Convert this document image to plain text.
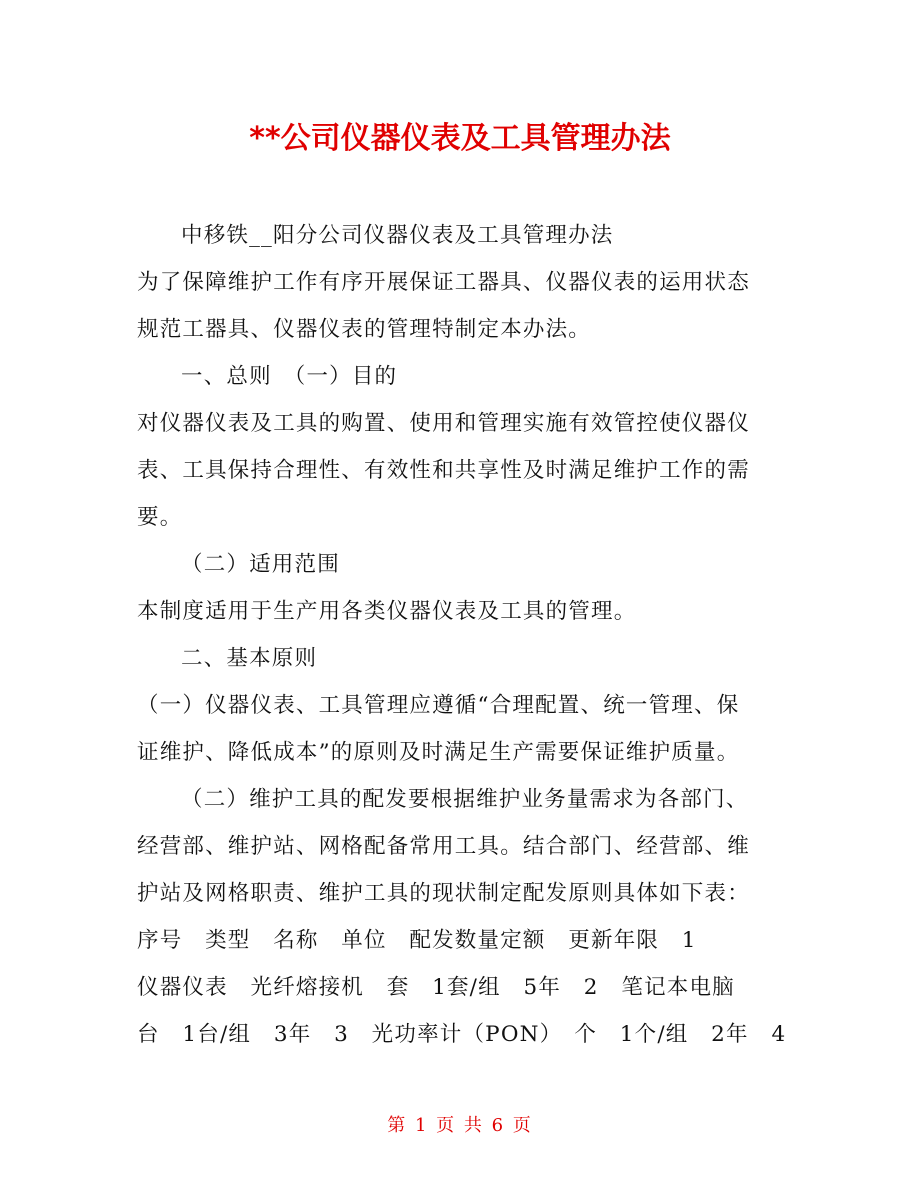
**公司仪器仪表及工具管理办法
中移铁__阳分公司仪器仪表及工具管理办法
为了保障维护工作有序开展保证工器具、仪器仪表的运用状态
规范工器具、仪器仪表的管理特制定本办法。
一、总则　（一）目的
对仪器仪表及工具的购置、使用和管理实施有效管控使仪器仪
表、工具保持合理性、有效性和共享性及时满足维护工作的需
要。
（二）适用范围
本制度适用于生产用各类仪器仪表及工具的管理。
二、基本原则
（一）仪器仪表、工具管理应遵循“合理配置、统一管理、保
证维护、降低成本”的原则及时满足生产需要保证维护质量。
（二）维护工具的配发要根据维护业务量需求为各部门、
经营部、维护站、网格配备常用工具。结合部门、经营部、维
护站及网格职责、维护工具的现状制定配发原则具体如下表：
序号　类型　名称　单位　配发数量定额　更新年限　1
仪器仪表　光纤熔接机　套　1套/组　5年　2　笔记本电脑
台　1台/组　3年　3　光功率计（PON）　个　1个/组　2年　4
第 1 页 共 6 页
